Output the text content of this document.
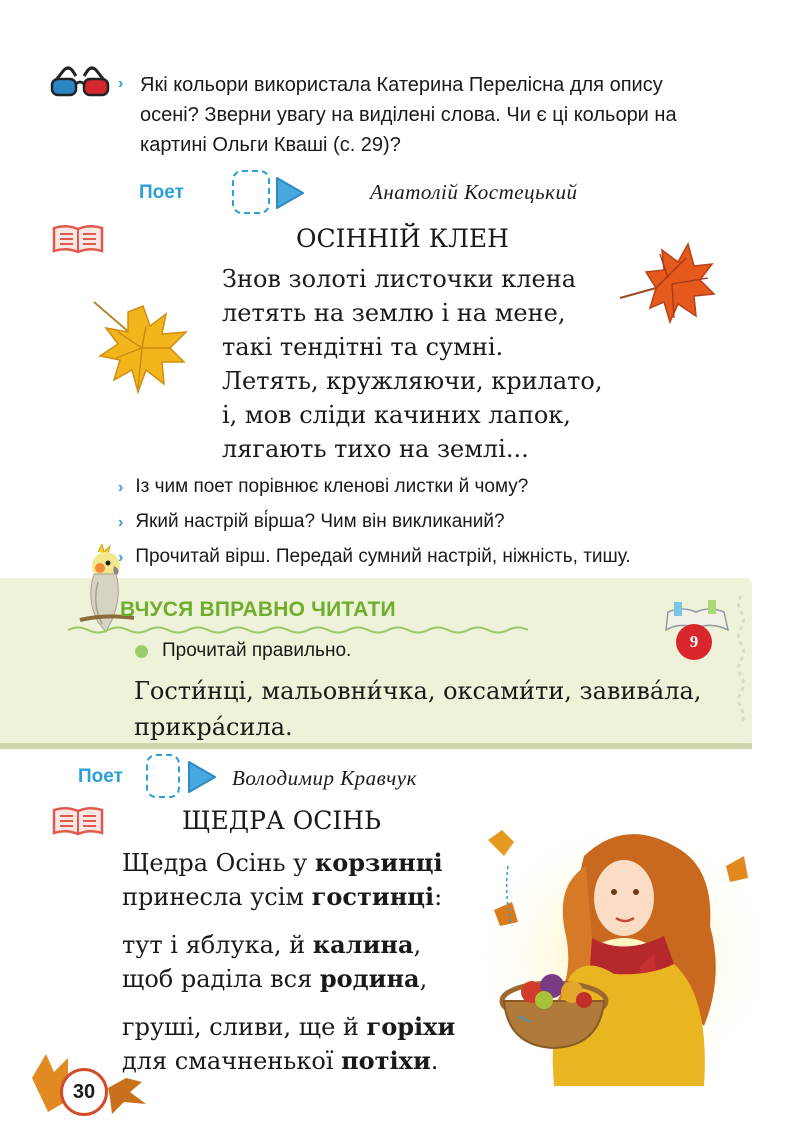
› Які кольори використала Катерина Перелісна для опису
осені? Зверни увагу на виділені слова. Чи є ці кольори на
картині Ольги Кваші (с. 29)?
Поет	Анатолій Костецький
ОСІННІЙ КЛЕН
Знов золоті листочки клена
летять на землю і на мене,
такі тендітні та сумні.
Летять, кружляючи, крилато,
і, мов сліди качиних лапок,
лягають тихо на землі...
› Із чим поет порівнює кленові листки й чому?
› Який настрій ві́рша? Чим він викликаний?
› Прочитай вірш. Передай сумний настрій, ніжність, тишу.
ВЧУСЯ ВПРАВНО ЧИТАТИ
9
Прочитай правильно.
Гости́нці, мальовни́чка, оксами́ти, завива́ла,
прикра́сила.
Поет	Володимир Кравчук
ЩЕДРА ОСІНЬ
Щедра Осінь у корзинці
принесла усім гостинці:
тут і яблука, й калина,
щоб раділа вся родина,
груші, сливи, ще й горіхи
для смачненької потіхи.
30
